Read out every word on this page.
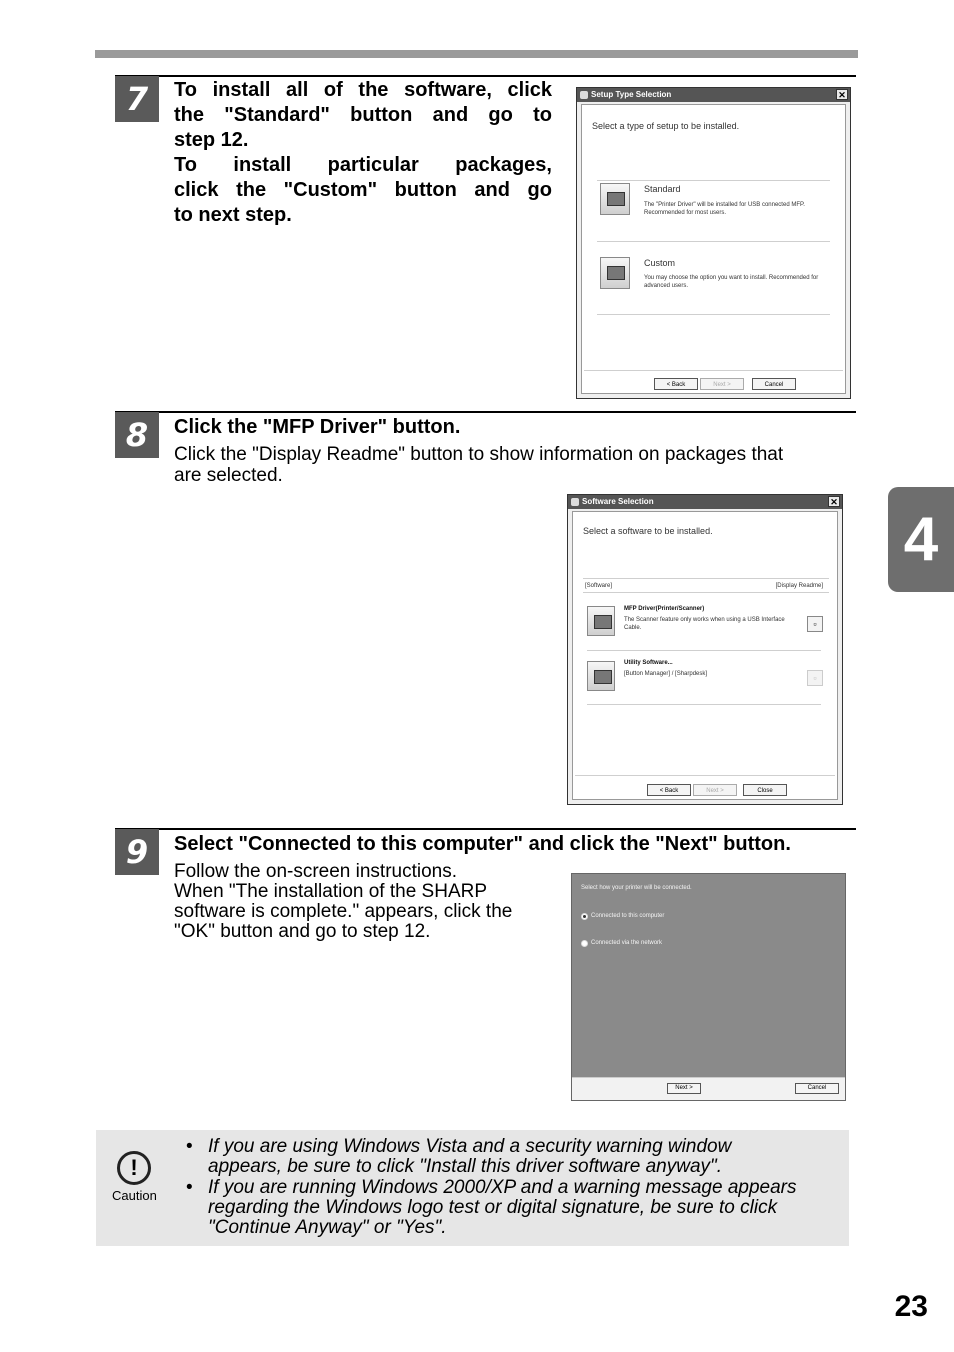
4
23
7	To install all of the software, click
the "Standard" button and go to
step 12.
To install particular packages,
click the "Custom" button and go
to next step.
Setup Type Selection	✕
Select a type of setup to be installed.
Standard
The "Printer Driver" will be installed for USB connected MFP. Recommended for most users.
Custom
You may choose the option you want to install. Recommended for advanced users.
< Back	Next >	Cancel
8	Click the "MFP Driver" button.
Click the "Display Readme" button to show information on packages that
are selected.
Software Selection	✕
Select a software to be installed.
[Software]	[Display Readme]
MFP Driver(Printer/Scanner)
The Scanner feature only works when using a USB Interface Cable.	▫
Utility Software...
[Button Manager] / [Sharpdesk]	▫
< Back	Next >	Close
9	Select "Connected to this computer" and click the "Next" button.
Follow the on-screen instructions.
When "The installation of the SHARP
software is complete." appears, click the
"OK" button and go to step 12.
Select how your printer will be connected.
Connected to this computer
Connected via the network
Next >	Cancel
!
Caution
• If you are using Windows Vista and a security warning window
appears, be sure to click "Install this driver software anyway".
• If you are running Windows 2000/XP and a warning message appears
regarding the Windows logo test or digital signature, be sure to click
"Continue Anyway" or "Yes".
